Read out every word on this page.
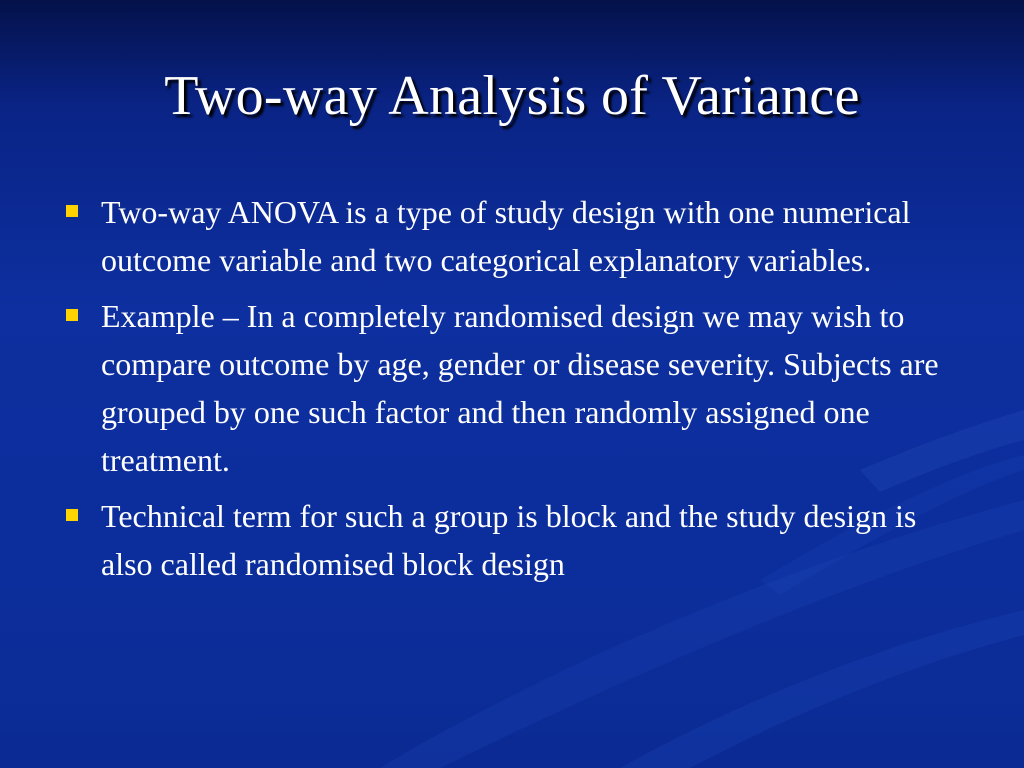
Two-way Analysis of Variance
Two-way ANOVA is a type of study design with one numerical outcome variable and two categorical explanatory variables.
Example – In a completely randomised design we may wish to compare outcome by age, gender or disease severity. Subjects are grouped by one such factor and then randomly assigned one treatment.
Technical term for such a group is block and the study design is also called randomised block design
